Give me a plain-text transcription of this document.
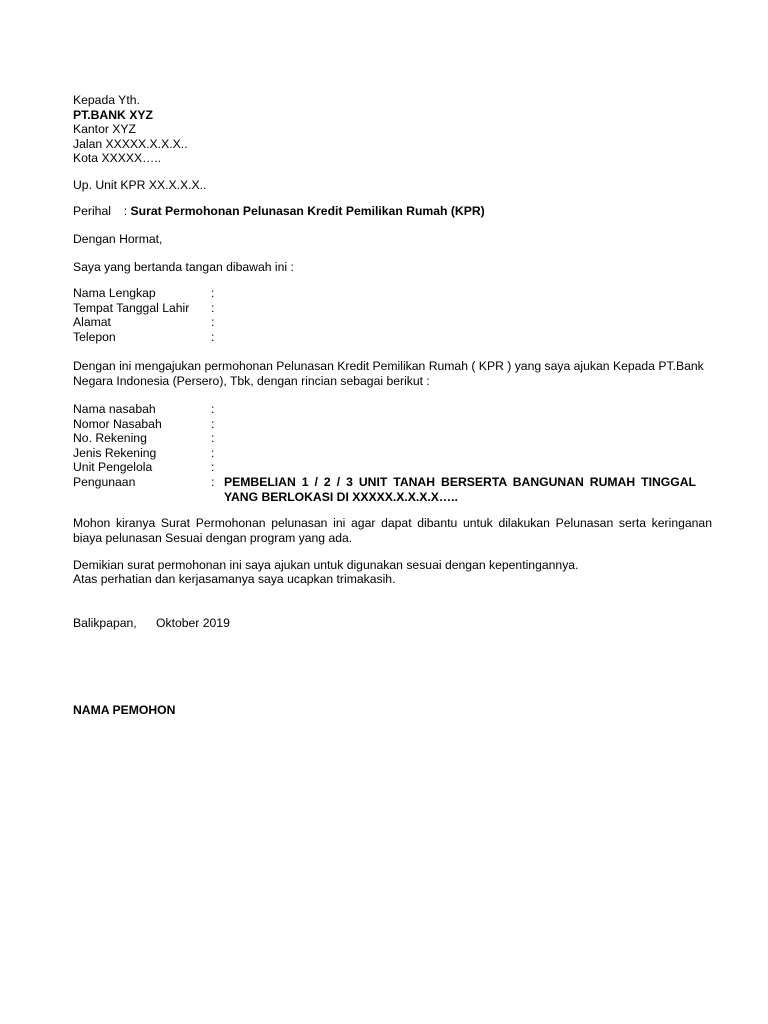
Kepada Yth.
PT.BANK XYZ
Kantor XYZ
Jalan XXXXX.X.X.X..
Kota XXXXX…..
Up. Unit KPR XX.X.X.X..
Perihal : Surat Permohonan Pelunasan Kredit Pemilikan Rumah (KPR)
Dengan Hormat,
Saya yang bertanda tangan dibawah ini :
Nama Lengkap	:
Tempat Tanggal Lahir :
Alamat	:
Telepon	:
Dengan ini mengajukan permohonan Pelunasan Kredit Pemilikan Rumah ( KPR ) yang saya ajukan Kepada PT.Bank Negara Indonesia (Persero), Tbk, dengan rincian sebagai berikut :
Nama nasabah	:
Nomor Nasabah	:
No. Rekening	:
Jenis Rekening	:
Unit Pengelola	:
Pengunaan	: PEMBELIAN 1 / 2 / 3 UNIT TANAH BERSERTA BANGUNAN RUMAH TINGGAL YANG BERLOKASI DI XXXXX.X.X.X.X…..
Mohon kiranya Surat Permohonan pelunasan ini agar dapat dibantu untuk dilakukan Pelunasan serta keringanan biaya pelunasan Sesuai dengan program yang ada.
Demikian surat permohonan ini saya ajukan untuk digunakan sesuai dengan kepentingannya.
Atas perhatian dan kerjasamanya saya ucapkan trimakasih.
Balikpapan, Oktober 2019
NAMA PEMOHON
